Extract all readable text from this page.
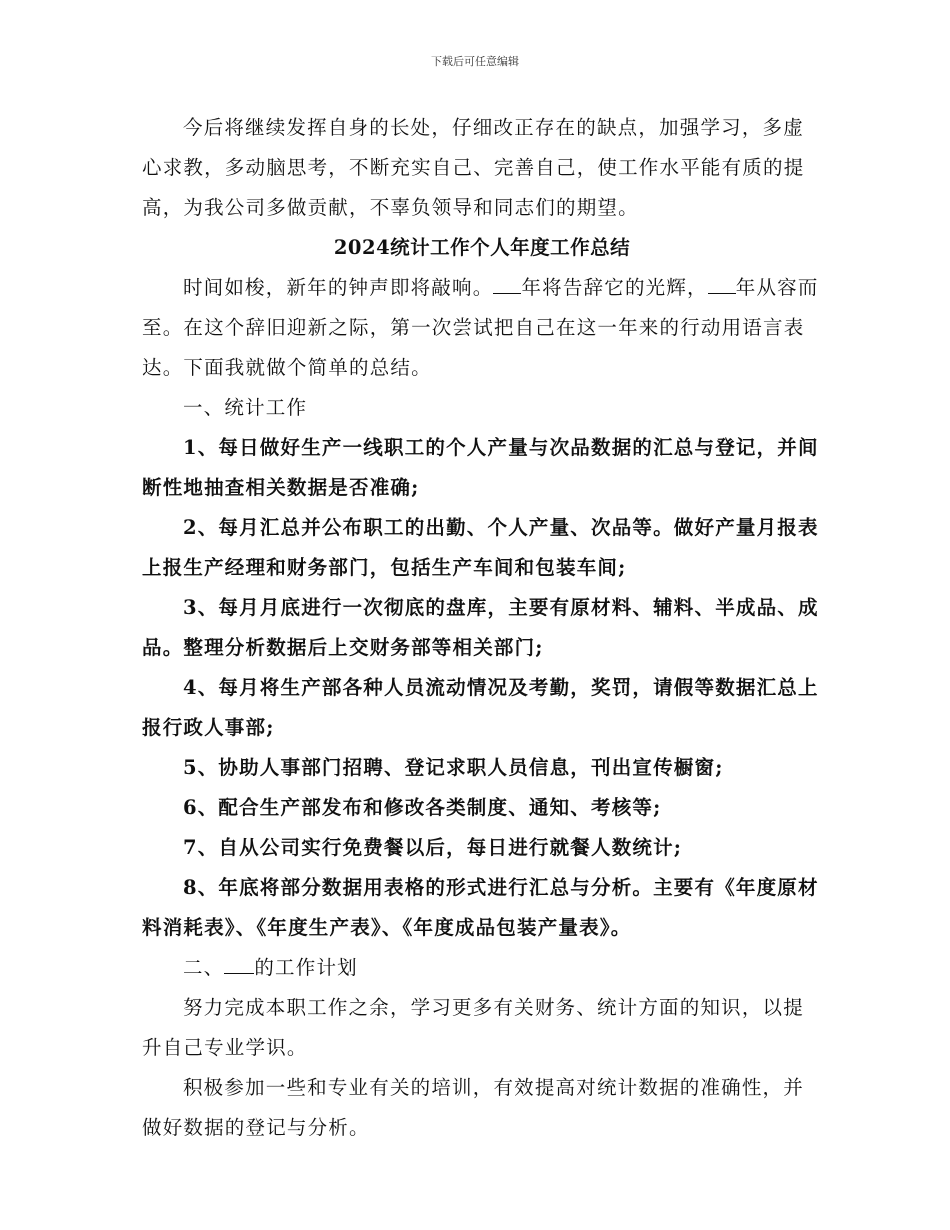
下载后可任意编辑

今后将继续发挥自身的长处，仔细改正存在的缺点，加强学习，多虚心求教，多动脑思考，不断充实自己、完善自己，使工作水平能有质的提高，为我公司多做贡献，不辜负领导和同志们的期望。

2024统计工作个人年度工作总结

时间如梭，新年的钟声即将敲响。 年将告辞它的光辉， 年从容而至。在这个辞旧迎新之际，第一次尝试把自己在这一年来的行动用语言表达。下面我就做个简单的总结。

一、统计工作

1、每日做好生产一线职工的个人产量与次品数据的汇总与登记，并间断性地抽查相关数据是否准确;

2、每月汇总并公布职工的出勤、个人产量、次品等。做好产量月报表上报生产经理和财务部门，包括生产车间和包装车间;

3、每月月底进行一次彻底的盘库，主要有原材料、辅料、半成品、成品。整理分析数据后上交财务部等相关部门;

4、每月将生产部各种人员流动情况及考勤，奖罚，请假等数据汇总上报行政人事部;

5、协助人事部门招聘、登记求职人员信息，刊出宣传橱窗;

6、配合生产部发布和修改各类制度、通知、考核等;

7、自从公司实行免费餐以后，每日进行就餐人数统计;

8、年底将部分数据用表格的形式进行汇总与分析。主要有《年度原材料消耗表》、《年度生产表》、《年度成品包装产量表》。

二、 的工作计划

努力完成本职工作之余，学习更多有关财务、统计方面的知识，以提升自己专业学识。

积极参加一些和专业有关的培训，有效提高对统计数据的准确性，并做好数据的登记与分析。
